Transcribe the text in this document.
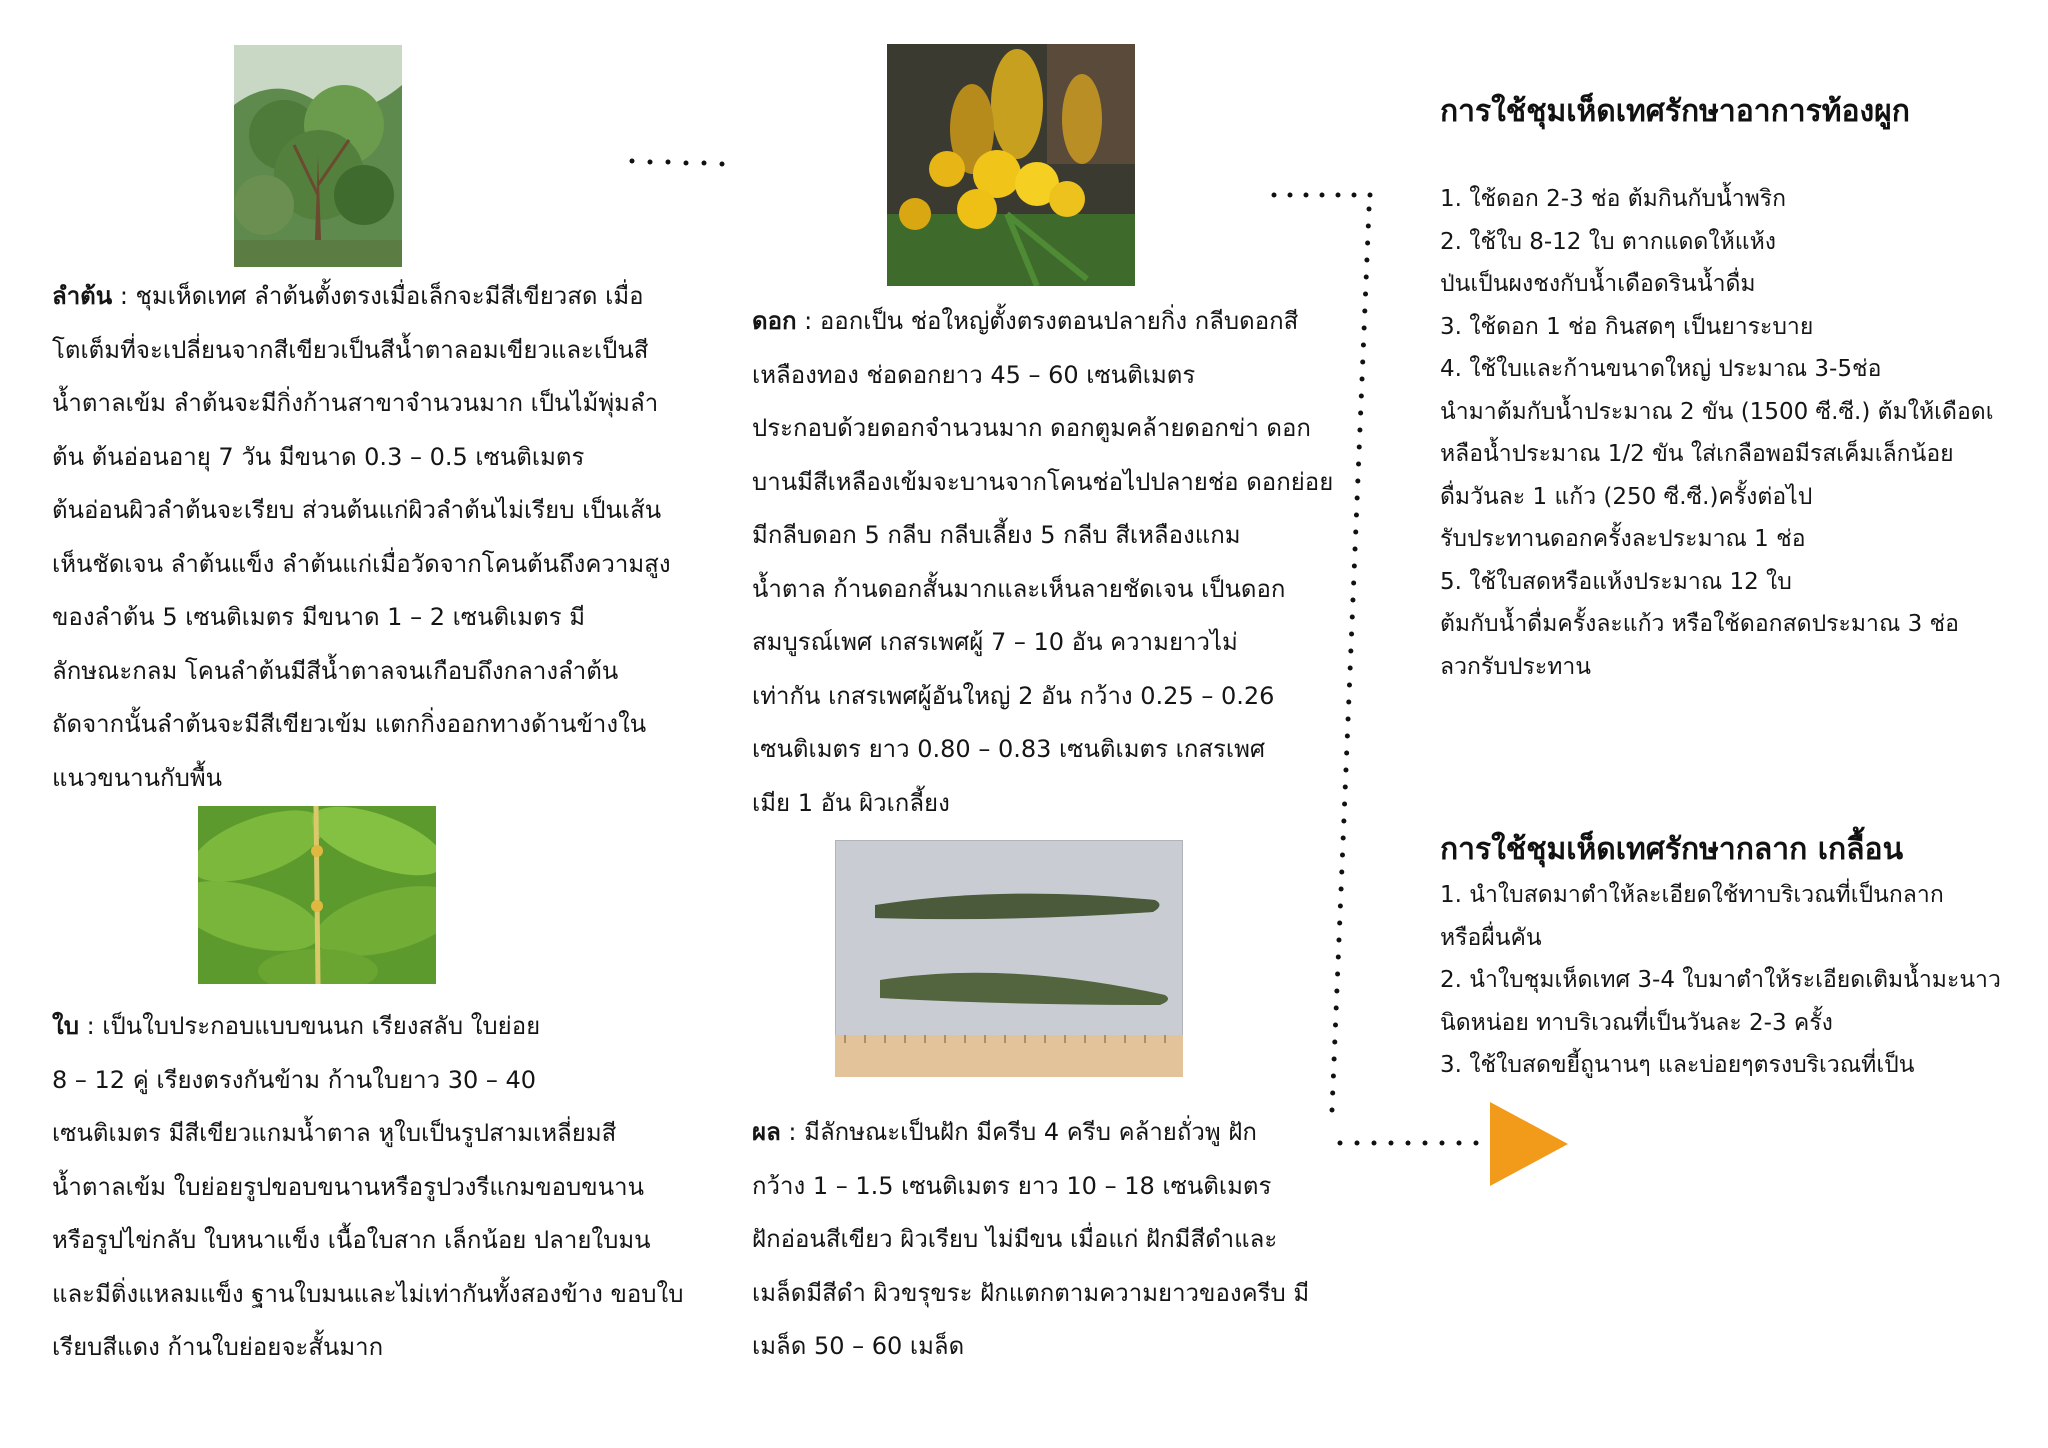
ลำต้น : ชุมเห็ดเทศ ลำต้นตั้งตรงเมื่อเล็กจะมีสีเขียวสด เมื่อ
โตเต็มที่จะเปลี่ยนจากสีเขียวเป็นสีน้ำตาลอมเขียวและเป็นสี
น้ำตาลเข้ม ลำต้นจะมีกิ่งก้านสาขาจำนวนมาก เป็นไม้พุ่มลำ
ต้น ต้นอ่อนอายุ 7 วัน มีขนาด 0.3 – 0.5 เซนติเมตร
ต้นอ่อนผิวลำต้นจะเรียบ ส่วนต้นแก่ผิวลำต้นไม่เรียบ เป็นเส้น
เห็นชัดเจน ลำต้นแข็ง ลำต้นแก่เมื่อวัดจากโคนต้นถึงความสูง
ของลำต้น 5 เซนติเมตร มีขนาด 1 – 2 เซนติเมตร มี
ลักษณะกลม โคนลำต้นมีสีน้ำตาลจนเกือบถึงกลางลำต้น
ถัดจากนั้นลำต้นจะมีสีเขียวเข้ม แตกกิ่งออกทางด้านข้างใน
แนวขนานกับพื้น
ใบ : เป็นใบประกอบแบบขนนก เรียงสลับ ใบย่อย
8 – 12 คู่ เรียงตรงกันข้าม ก้านใบยาว 30 – 40
เซนติเมตร มีสีเขียวแกมน้ำตาล หูใบเป็นรูปสามเหลี่ยมสี
น้ำตาลเข้ม ใบย่อยรูปขอบขนานหรือรูปวงรีแกมขอบขนาน
หรือรูปไข่กลับ ใบหนาแข็ง เนื้อใบสาก เล็กน้อย ปลายใบมน
และมีติ่งแหลมแข็ง ฐานใบมนและไม่เท่ากันทั้งสองข้าง ขอบใบ
เรียบสีแดง ก้านใบย่อยจะสั้นมาก
ดอก : ออกเป็น ช่อใหญ่ตั้งตรงตอนปลายกิ่ง กลีบดอกสี
เหลืองทอง ช่อดอกยาว 45 – 60 เซนติเมตร
ประกอบด้วยดอกจำนวนมาก ดอกตูมคล้ายดอกข่า ดอก
บานมีสีเหลืองเข้มจะบานจากโคนช่อไปปลายช่อ ดอกย่อย
มีกลีบดอก 5 กลีบ กลีบเลี้ยง 5 กลีบ สีเหลืองแกม
น้ำตาล ก้านดอกสั้นมากและเห็นลายชัดเจน เป็นดอก
สมบูรณ์เพศ เกสรเพศผู้ 7 – 10 อัน ความยาวไม่
เท่ากัน เกสรเพศผู้อันใหญ่ 2 อัน กว้าง 0.25 – 0.26
เซนติเมตร ยาว 0.80 – 0.83 เซนติเมตร เกสรเพศ
เมีย 1 อัน ผิวเกลี้ยง
ผล : มีลักษณะเป็นฝัก มีครีบ 4 ครีบ คล้ายถั่วพู ฝัก
กว้าง 1 – 1.5 เซนติเมตร ยาว 10 – 18 เซนติเมตร
ฝักอ่อนสีเขียว ผิวเรียบ ไม่มีขน เมื่อแก่ ฝักมีสีดำและ
เมล็ดมีสีดำ ผิวขรุขระ ฝักแตกตามความยาวของครีบ มี
เมล็ด 50 – 60 เมล็ด
การใช้ชุมเห็ดเทศรักษาอาการท้องผูก
1. ใช้ดอก 2-3 ช่อ ต้มกินกับน้ำพริก
2. ใช้ใบ 8-12 ใบ ตากแดดให้แห้ง
ป่นเป็นผงชงกับน้ำเดือดรินน้ำดื่ม
3. ใช้ดอก 1 ช่อ กินสดๆ เป็นยาระบาย
4. ใช้ใบและก้านขนาดใหญ่ ประมาณ 3-5ช่อ
นำมาต้มกับน้ำประมาณ 2 ขัน (1500 ซี.ซี.) ต้มให้เดือดเ
หลือน้ำประมาณ 1/2 ขัน ใส่เกลือพอมีรสเค็มเล็กน้อย
ดื่มวันละ 1 แก้ว (250 ซี.ซี.)ครั้งต่อไป
รับประทานดอกครั้งละประมาณ 1 ช่อ
5. ใช้ใบสดหรือแห้งประมาณ 12 ใบ
ต้มกับน้ำดื่มครั้งละแก้ว หรือใช้ดอกสดประมาณ 3 ช่อ
ลวกรับประทาน
การใช้ชุมเห็ดเทศรักษากลาก เกลื้อน
1. นำใบสดมาตำให้ละเอียดใช้ทาบริเวณที่เป็นกลาก
หรือผื่นคัน
2. นำใบชุมเห็ดเทศ 3-4 ใบมาตำให้ระเอียดเติมน้ำมะนาว
นิดหน่อย ทาบริเวณที่เป็นวันละ 2-3 ครั้ง
3. ใช้ใบสดขยี้ถูนานๆ และบ่อยๆตรงบริเวณที่เป็น
